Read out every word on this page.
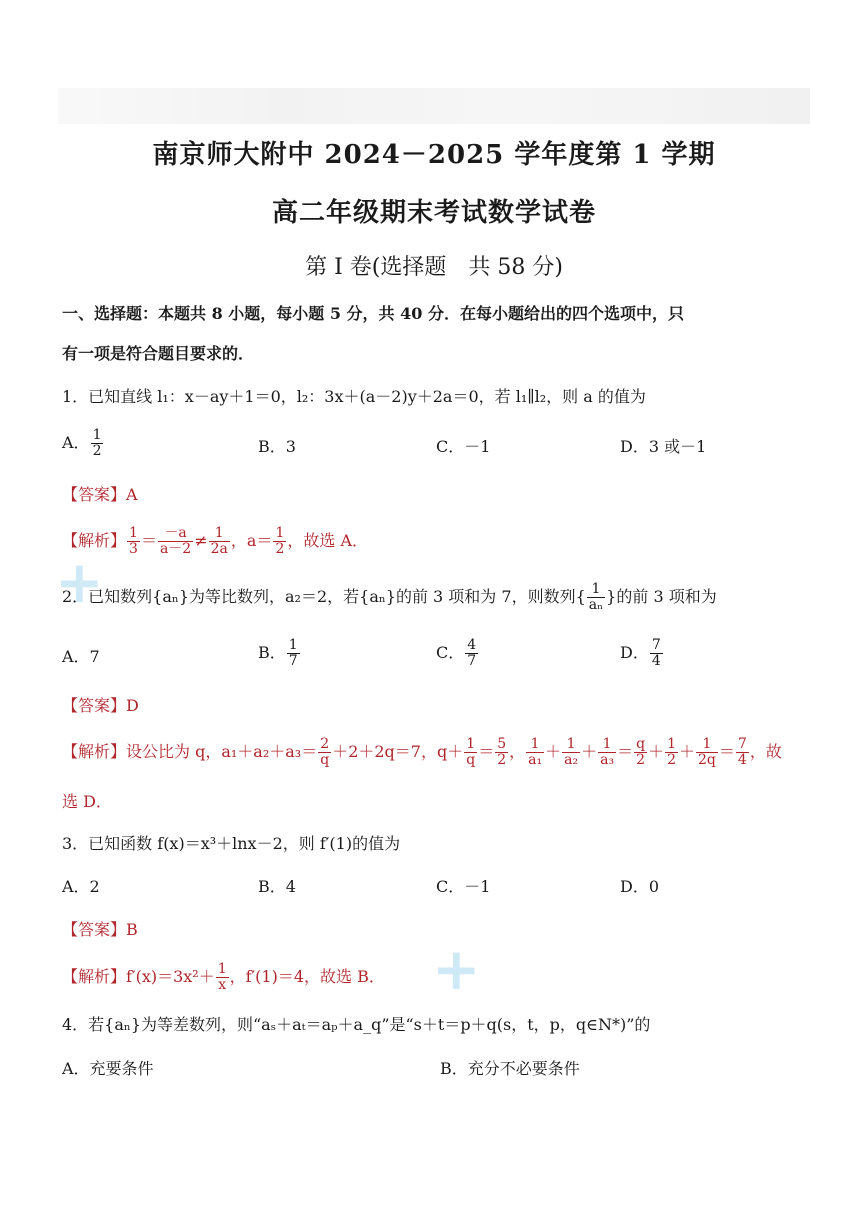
+
+
南京师大附中 2024－2025 学年度第 1 学期
高二年级期末考试数学试卷
第 I 卷(选择题　共 58 分)
一、选择题：本题共 8 小题，每小题 5 分，共 40 分．在每小题给出的四个选项中，只
有一项是符合题目要求的．
1．已知直线 l₁：x－ay＋1＝0，l₂：3x＋(a－2)y＋2a＝0，若 l₁∥l₂，则 a 的值为
A． $\frac{1}{2}$	B．3	C．－1	D．3 或－1
【答案】A
【解析】 $\frac{1}{3} = \frac{-a}{a-2} \ne \frac{1}{2a}$ ，$a= \frac{1}{2}$ ，故选 A．
2．已知数列{aₙ}为等比数列，a₂＝2，若{aₙ}的前 3 项和为 7，则数列{ $\frac{1}{\text{aₙ}}$ }的前 3 项和为
A．7	B． $\frac{1}{7}$	C． $\frac{4}{7}$	D． $\frac{7}{4}$
【答案】D
【解析】设公比为 q，$a_1+a_2+a_3= \frac{2}{q} +2+2q=7$，$q+ \frac{1}{q} = \frac{5}{2}$ ， $\frac{1}{\text{a₁}} + \frac{1}{\text{a₂}} + \frac{1}{\text{a₃}} = \frac{q}{2} + \frac{1}{2} + \frac{1}{2q} = \frac{7}{4}$ ，故
选 D．
3．已知函数 f(x)＝x³＋lnx－2，则 f′(1)的值为
A．2	B．4	C．－1	D．0
【答案】B
【解析】$f'(x)=3x^2+ \frac{1}{x}$ ，f′(1)＝4，故选 B．
4．若{aₙ}为等差数列，则“aₛ＋aₜ＝aₚ＋a_q”是“s＋t＝p＋q(s，t，p，q∈N*)”的
A．充要条件	B．充分不必要条件
